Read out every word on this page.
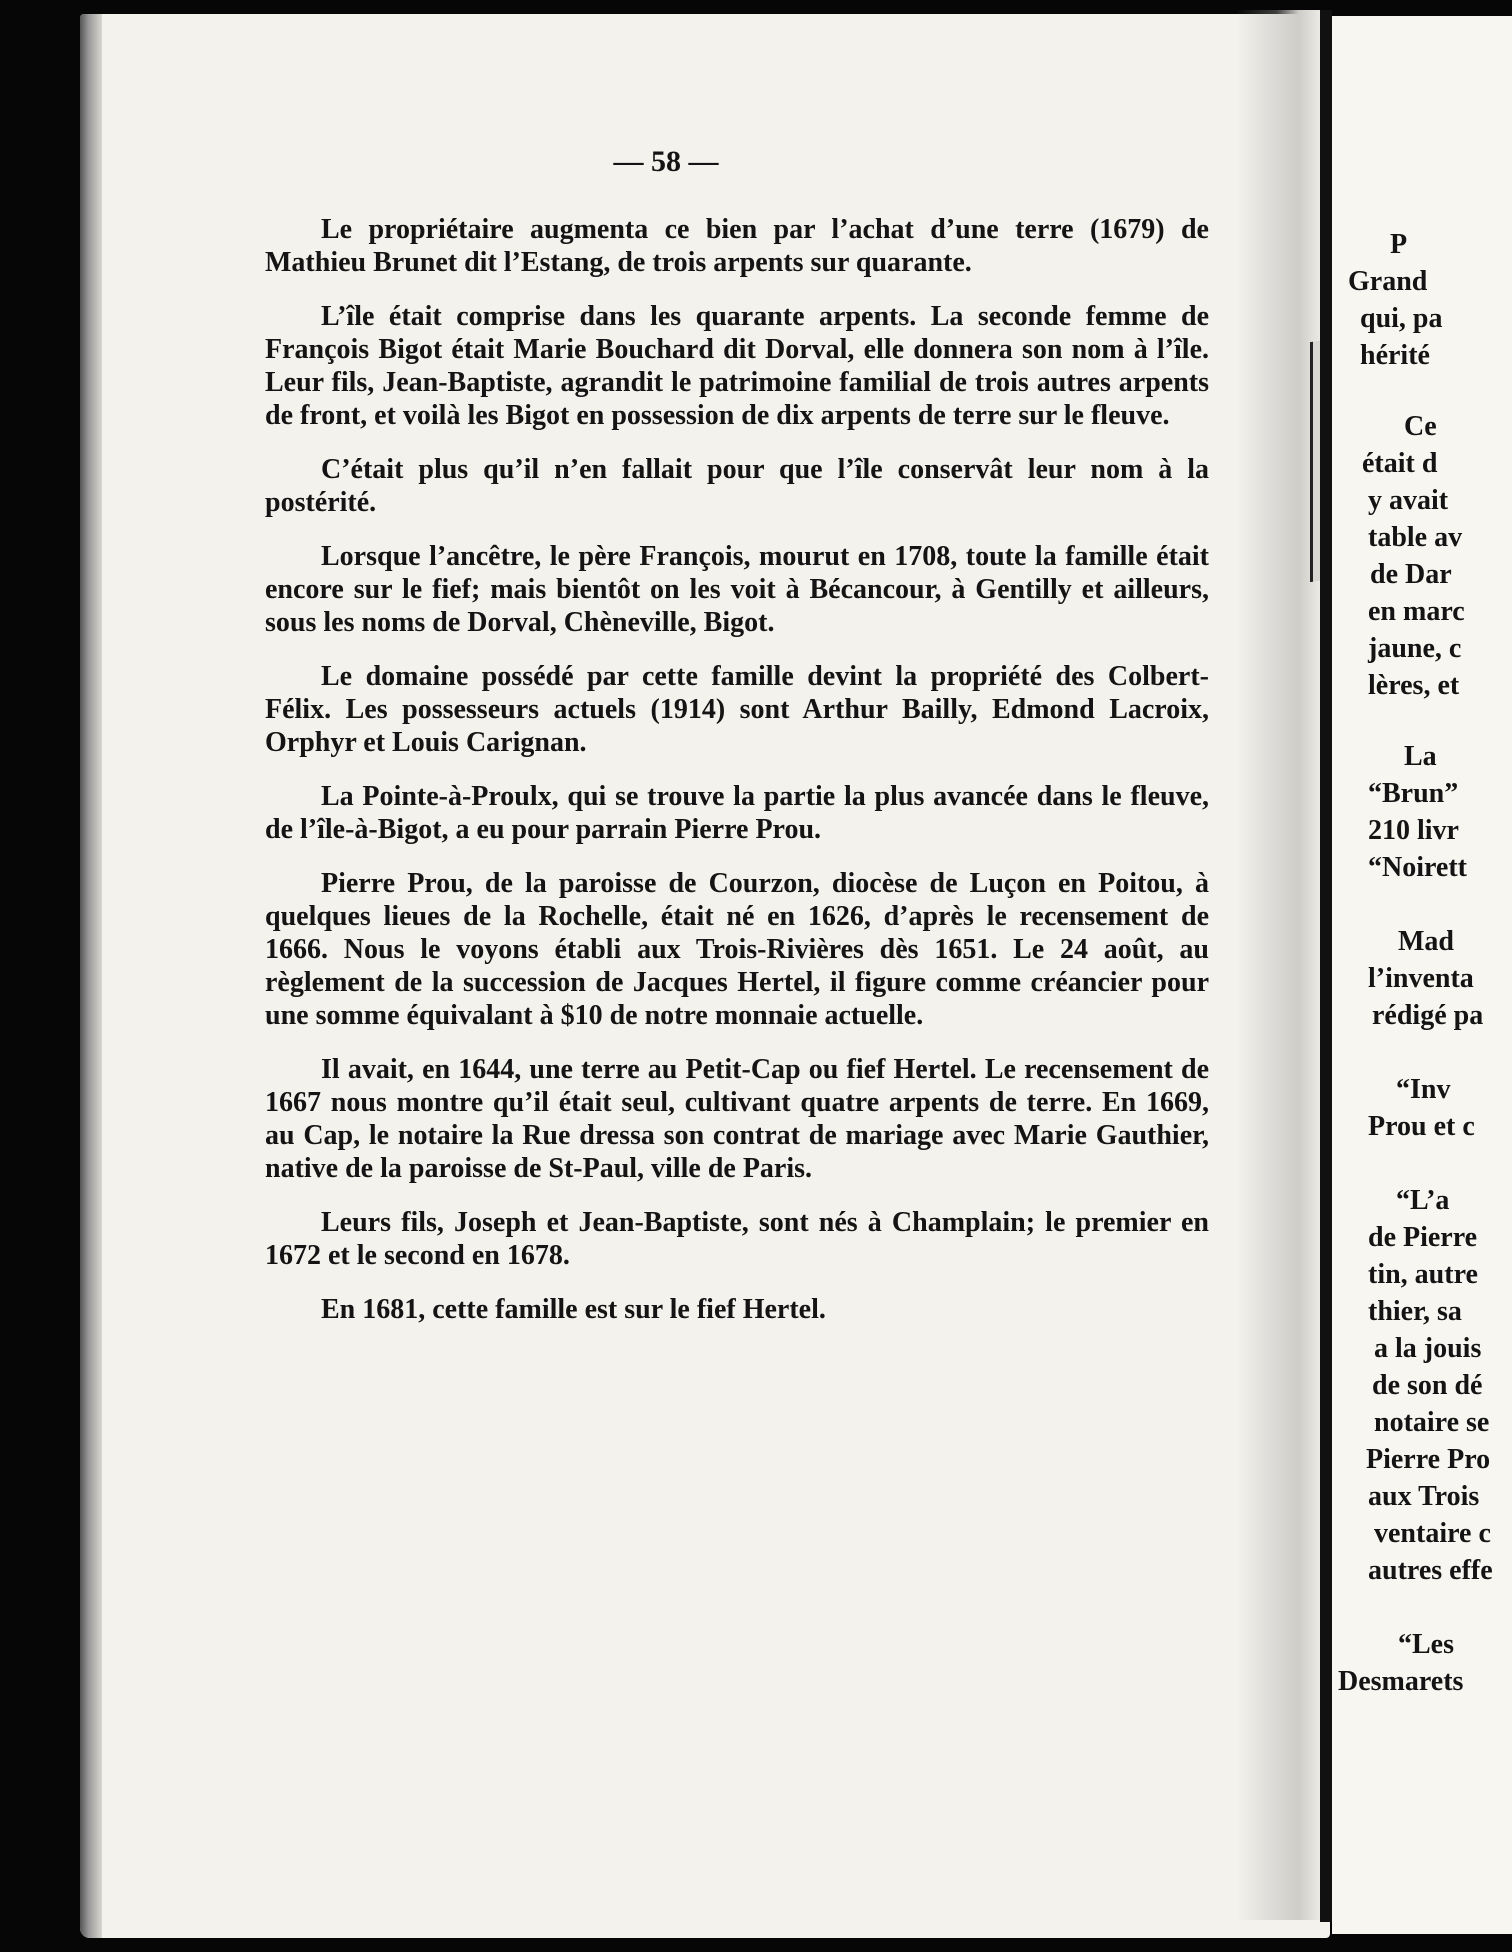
— 58 —

Le propriétaire augmenta ce bien par l’achat d’une terre (1679) de Mathieu Brunet dit l’Estang, de trois arpents sur quarante.

L’île était comprise dans les quarante arpents. La seconde femme de François Bigot était Marie Bouchard dit Dorval, elle donnera son nom à l’île. Leur fils, Jean-Baptiste, agrandit le patrimoine familial de trois autres arpents de front, et voilà les Bigot en possession de dix arpents de terre sur le fleuve.

C’était plus qu’il n’en fallait pour que l’île conservât leur nom à la postérité.

Lorsque l’ancêtre, le père François, mourut en 1708, toute la famille était encore sur le fief; mais bientôt on les voit à Bécancour, à Gentilly et ailleurs, sous les noms de Dorval, Chèneville, Bigot.

Le domaine possédé par cette famille devint la propriété des Colbert-Félix. Les possesseurs actuels (1914) sont Arthur Bailly, Edmond Lacroix, Orphyr et Louis Carignan.

La Pointe-à-Proulx, qui se trouve la partie la plus avancée dans le fleuve, de l’île-à-Bigot, a eu pour parrain Pierre Prou.

Pierre Prou, de la paroisse de Courzon, diocèse de Luçon en Poitou, à quelques lieues de la Rochelle, était né en 1626, d’après le recensement de 1666. Nous le voyons établi aux Trois-Rivières dès 1651. Le 24 août, au règlement de la succession de Jacques Hertel, il figure comme créancier pour une somme équivalant à $10 de notre monnaie actuelle.

Il avait, en 1644, une terre au Petit-Cap ou fief Hertel. Le recensement de 1667 nous montre qu’il était seul, cultivant quatre arpents de terre. En 1669, au Cap, le notaire la Rue dressa son contrat de mariage avec Marie Gauthier, native de la paroisse de St-Paul, ville de Paris.

Leurs fils, Joseph et Jean-Baptiste, sont nés à Champlain; le premier en 1672 et le second en 1678.

En 1681, cette famille est sur le fief Hertel.

P
Grand
qui, pa
hérité
Ce
était d
y avait
table av
de Dar
en marc
jaune, c
lères, et
La
“Brun”
210 livr
“Noirett
Mad
l’inventa
rédigé pa
“Inv
Prou et c
“L’a
de Pierre
tin, autre
thier, sa
a la jouis
de son dé
notaire se
Pierre Pro
aux Trois
ventaire c
autres effe
“Les
Desmarets
